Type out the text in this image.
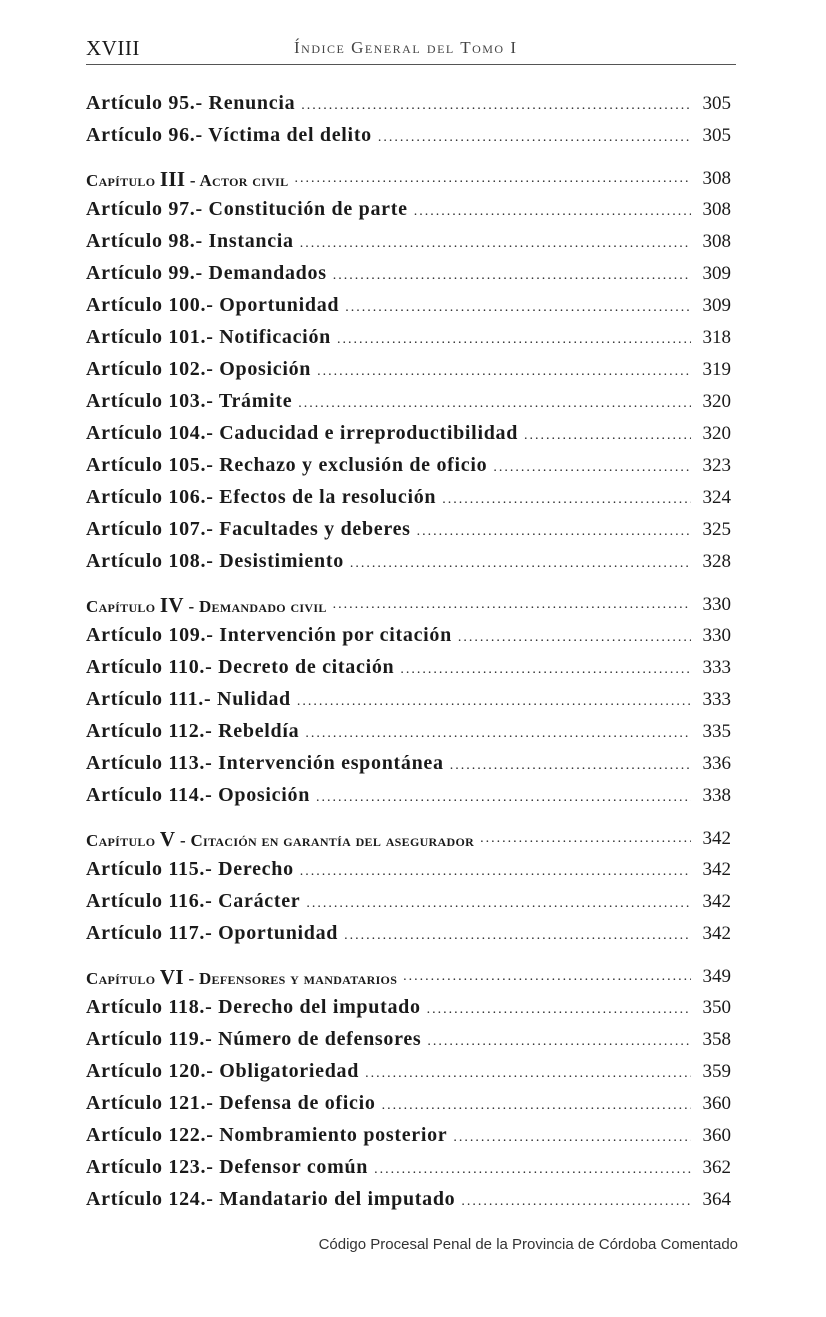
XVIII	Índice General del Tomo I
Artículo 95.- Renuncia .....	305
Artículo 96.- Víctima del delito .....	305
Capítulo III - Actor civil .....	308
Artículo 97.- Constitución de parte .....	308
Artículo 98.- Instancia .....	308
Artículo 99.- Demandados .....	309
Artículo 100.- Oportunidad .....	309
Artículo 101.- Notificación .....	318
Artículo 102.- Oposición .....	319
Artículo 103.- Trámite .....	320
Artículo 104.- Caducidad e irreproductibilidad .....	320
Artículo 105.- Rechazo y exclusión de oficio .....	323
Artículo 106.- Efectos de la resolución .....	324
Artículo 107.- Facultades y deberes .....	325
Artículo 108.- Desistimiento .....	328
Capítulo IV - Demandado civil .....	330
Artículo 109.- Intervención por citación .....	330
Artículo 110.- Decreto de citación .....	333
Artículo 111.- Nulidad .....	333
Artículo 112.- Rebeldía .....	335
Artículo 113.- Intervención espontánea .....	336
Artículo 114.- Oposición .....	338
Capítulo V - Citación en garantía del asegurador .....	342
Artículo 115.- Derecho .....	342
Artículo 116.- Carácter .....	342
Artículo 117.- Oportunidad .....	342
Capítulo VI - Defensores y mandatarios .....	349
Artículo 118.- Derecho del imputado .....	350
Artículo 119.- Número de defensores .....	358
Artículo 120.- Obligatoriedad .....	359
Artículo 121.- Defensa de oficio .....	360
Artículo 122.- Nombramiento posterior .....	360
Artículo 123.- Defensor común .....	362
Artículo 124.- Mandatario del imputado .....	364
Código Procesal Penal de la Provincia de Córdoba Comentado
